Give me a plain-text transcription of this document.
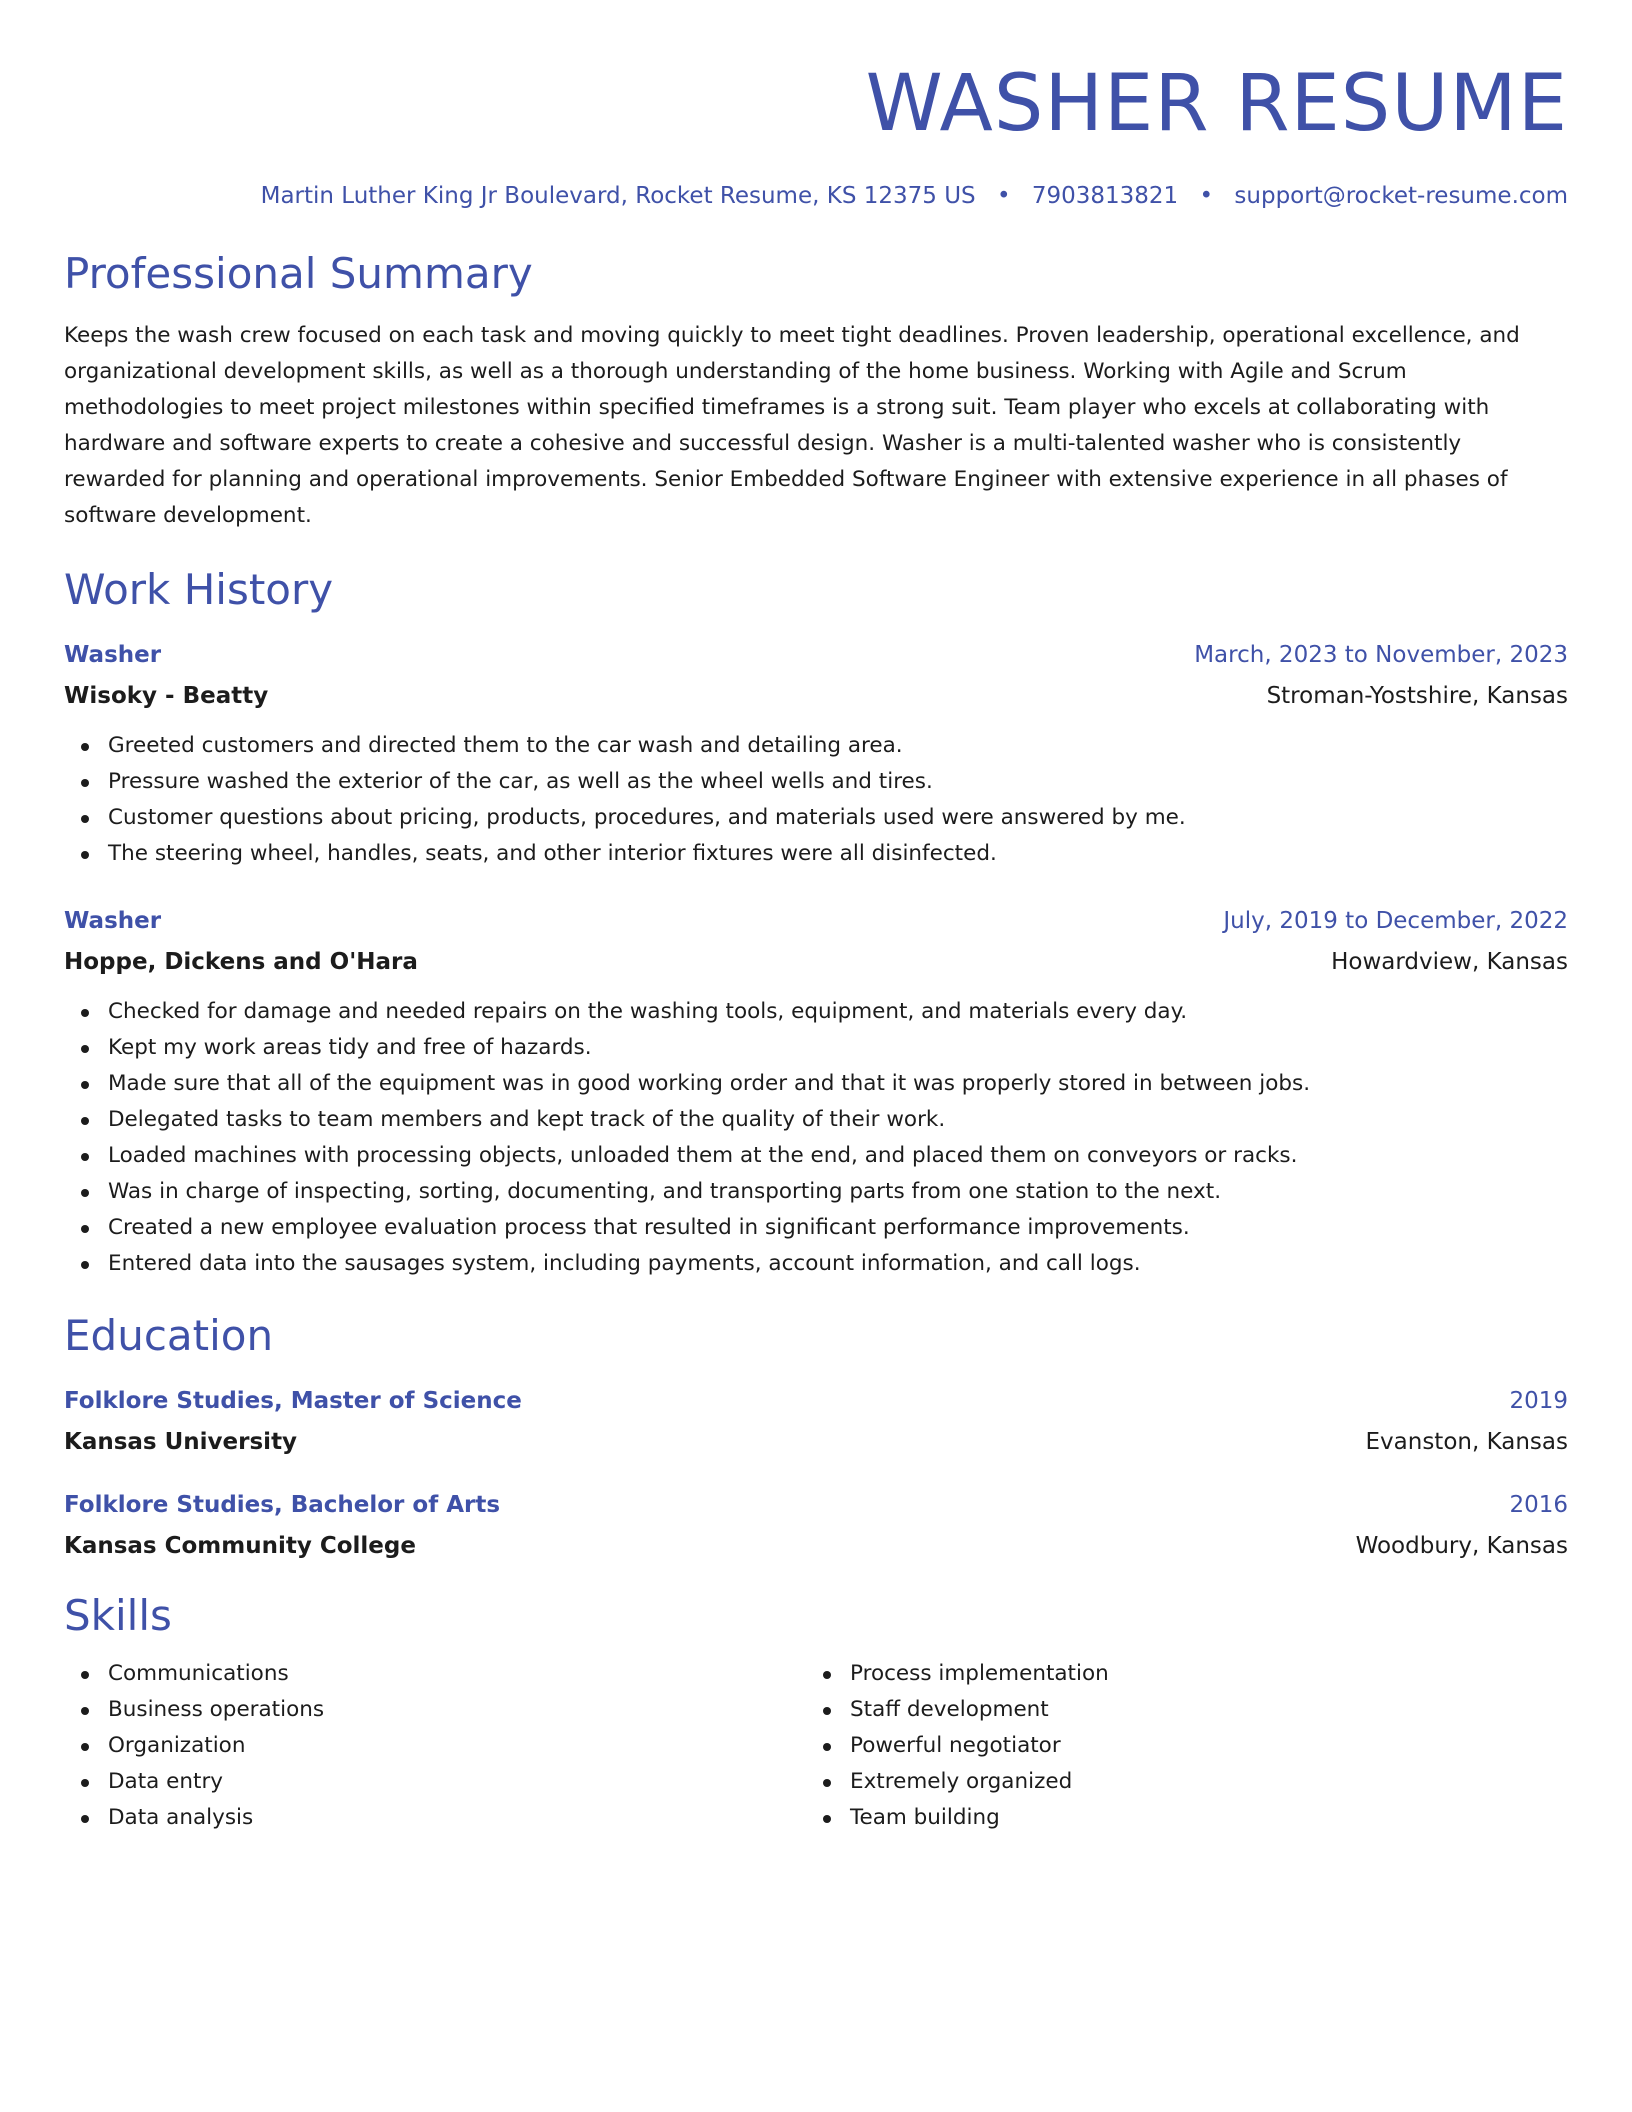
WASHER RESUME
Martin Luther King Jr Boulevard, Rocket Resume, KS 12375 US • 7903813821 • support@rocket-resume.com
Professional Summary

Keeps the wash crew focused on each task and moving quickly to meet tight deadlines. Proven leadership, operational excellence, and organizational development skills, as well as a thorough understanding of the home business. Working with Agile and Scrum methodologies to meet project milestones within specified timeframes is a strong suit. Team player who excels at collaborating with hardware and software experts to create a cohesive and successful design. Washer is a multi-talented washer who is consistently rewarded for planning and operational improvements. Senior Embedded Software Engineer with extensive experience in all phases of software development.

Work History
Washer	March, 2023 to November, 2023
Wisoky - Beatty	Stroman-Yostshire, Kansas
Greeted customers and directed them to the car wash and detailing area.
Pressure washed the exterior of the car, as well as the wheel wells and tires.
Customer questions about pricing, products, procedures, and materials used were answered by me.
The steering wheel, handles, seats, and other interior fixtures were all disinfected.
Washer	July, 2019 to December, 2022
Hoppe, Dickens and O'Hara	Howardview, Kansas
Checked for damage and needed repairs on the washing tools, equipment, and materials every day.
Kept my work areas tidy and free of hazards.
Made sure that all of the equipment was in good working order and that it was properly stored in between jobs.
Delegated tasks to team members and kept track of the quality of their work.
Loaded machines with processing objects, unloaded them at the end, and placed them on conveyors or racks.
Was in charge of inspecting, sorting, documenting, and transporting parts from one station to the next.
Created a new employee evaluation process that resulted in significant performance improvements.
Entered data into the sausages system, including payments, account information, and call logs.
Education
Folklore Studies, Master of Science	2019
Kansas University	Evanston, Kansas
Folklore Studies, Bachelor of Arts	2016
Kansas Community College	Woodbury, Kansas
Skills
Communications
Business operations
Organization
Data entry
Data analysis
Process implementation
Staff development
Powerful negotiator
Extremely organized
Team building
